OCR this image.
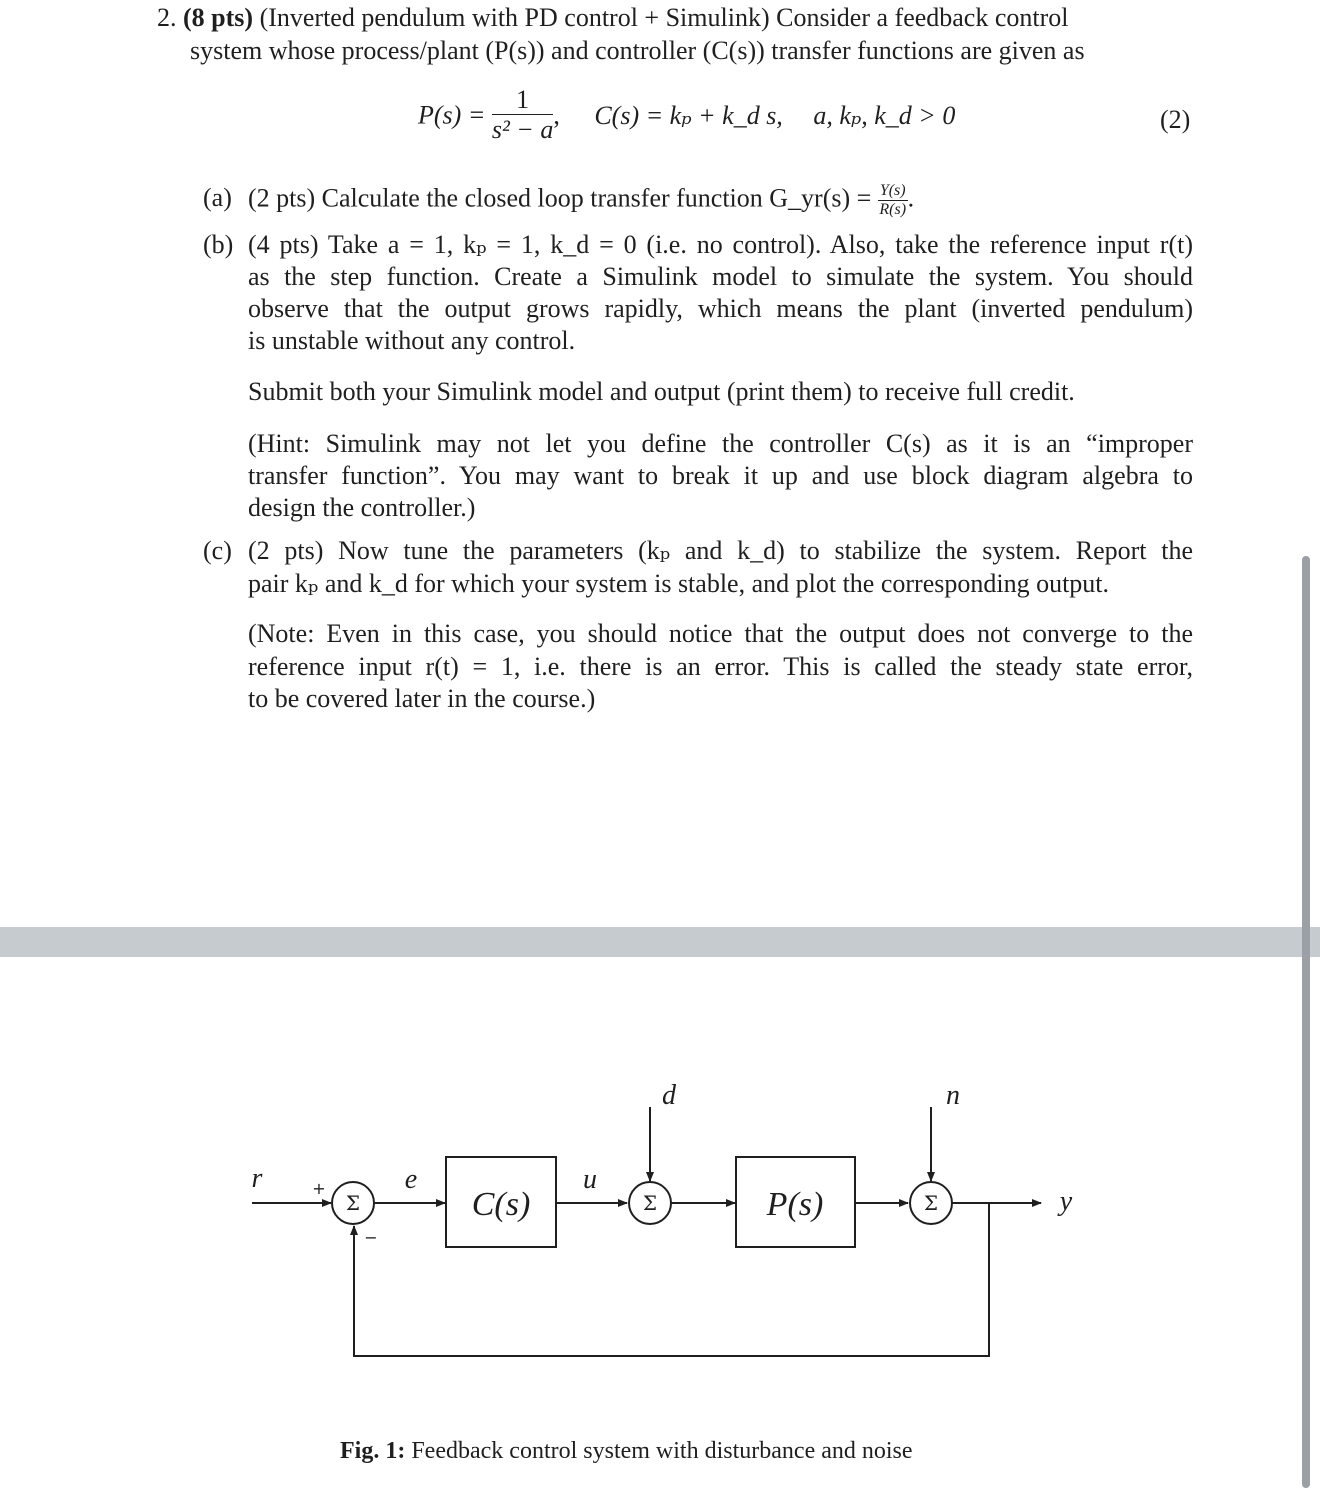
2. (8 pts) (Inverted pendulum with PD control + Simulink) Consider a feedback control
system whose process/plant (P(s)) and controller (C(s)) transfer functions are given as
$P(s) = \frac{1}{\text{s² − a}}$ , C(s) = kₚ + k_d s, a, kₚ, k_d > 0	(2)
(a) (2 pts) Calculate the closed loop transfer function G_yr(s) = $\frac{Y(s)}{R(s)}$ .
(b) (4 pts) Take a = 1, kₚ = 1, k_d = 0 (i.e. no control). Also, take the reference input r(t)
as the step function. Create a Simulink model to simulate the system. You should
observe that the output grows rapidly, which means the plant (inverted pendulum)
is unstable without any control.
Submit both your Simulink model and output (print them) to receive full credit.
(Hint: Simulink may not let you define the controller C(s) as it is an “improper
transfer function”. You may want to break it up and use block diagram algebra to
design the controller.)
(c) (2 pts) Now tune the parameters (kₚ and k_d) to stabilize the system. Report the
pair kₚ and k_d for which your system is stable, and plot the corresponding output.
(Note: Even in this case, you should notice that the output does not converge to the
reference input r(t) = 1, i.e. there is an error. This is called the steady state error,
to be covered later in the course.)
Σ	Σ	Σ
+
−
C(s)	P(s)
r	e	u
d	n
y
Fig. 1: Feedback control system with disturbance and noise
